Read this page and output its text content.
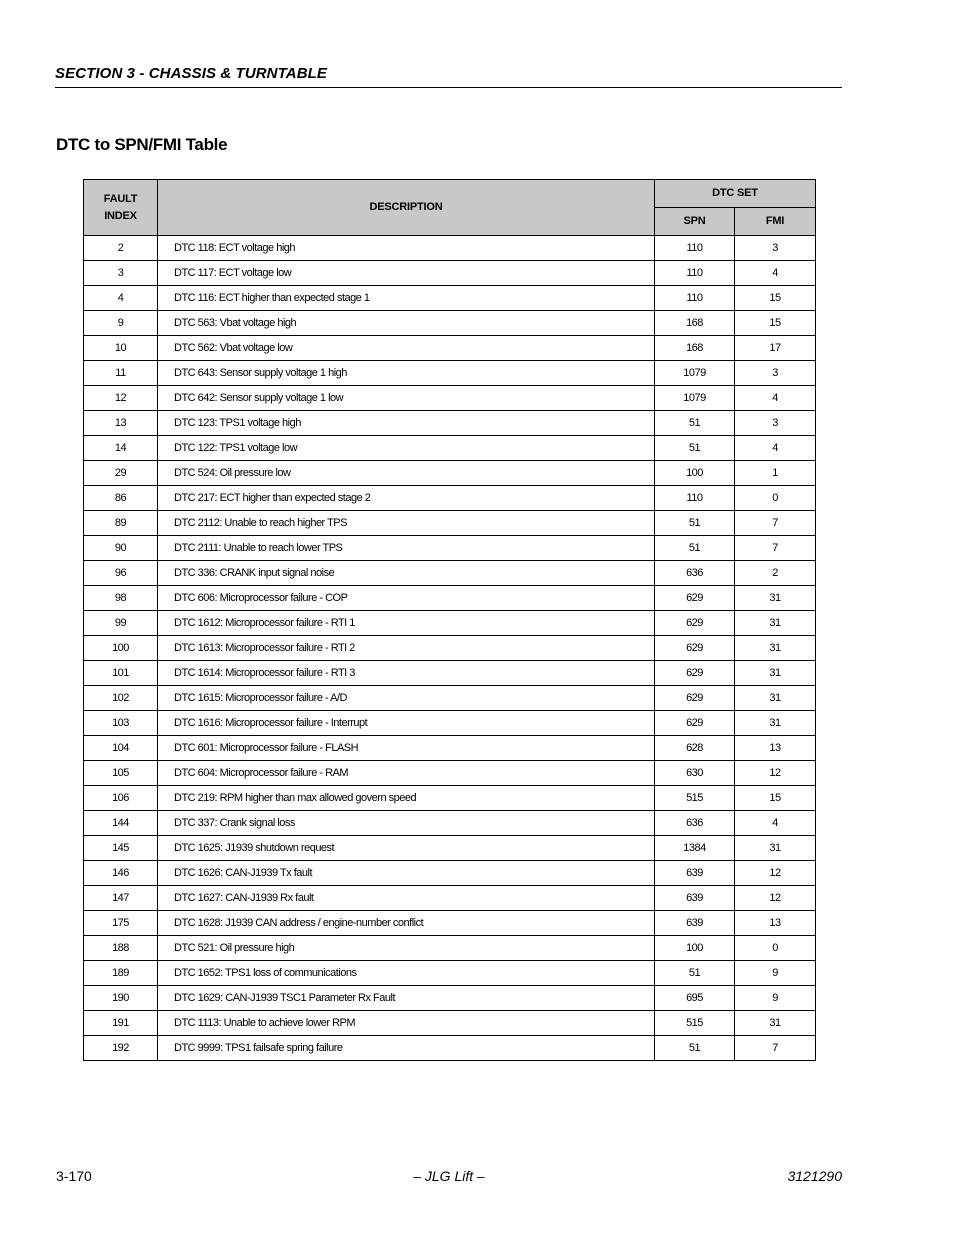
SECTION 3 - CHASSIS & TURNTABLE
DTC to SPN/FMI Table
FAULT
INDEX	DESCRIPTION	DTC SET	
		SPN	FMI
2	DTC 118: ECT voltage high	110	3
3	DTC 117: ECT voltage low	110	4
4	DTC 116: ECT higher than expected stage 1	110	15
9	DTC 563: Vbat voltage high	168	15
10	DTC 562: Vbat voltage low	168	17
11	DTC 643: Sensor supply voltage 1 high	1079	3
12	DTC 642: Sensor supply voltage 1 low	1079	4
13	DTC 123: TPS1 voltage high	51	3
14	DTC 122: TPS1 voltage low	51	4
29	DTC 524: Oil pressure low	100	1
86	DTC 217: ECT higher than expected stage 2	110	0
89	DTC 2112: Unable to reach higher TPS	51	7
90	DTC 2111: Unable to reach lower TPS	51	7
96	DTC 336: CRANK input signal noise	636	2
98	DTC 606: Microprocessor failure - COP	629	31
99	DTC 1612: Microprocessor failure - RTI 1	629	31
100	DTC 1613: Microprocessor failure - RTI 2	629	31
101	DTC 1614: Microprocessor failure - RTI 3	629	31
102	DTC 1615: Microprocessor failure - A/D	629	31
103	DTC 1616: Microprocessor failure - Interrupt	629	31
104	DTC 601: Microprocessor failure - FLASH	628	13
105	DTC 604: Microprocessor failure - RAM	630	12
106	DTC 219: RPM higher than max allowed govern speed	515	15
144	DTC 337: Crank signal loss	636	4
145	DTC 1625: J1939 shutdown request	1384	31
146	DTC 1626: CAN-J1939 Tx fault	639	12
147	DTC 1627: CAN-J1939 Rx fault	639	12
175	DTC 1628: J1939 CAN address / engine-number conflict	639	13
188	DTC 521: Oil pressure high	100	0
189	DTC 1652: TPS1 loss of communications	51	9
190	DTC 1629: CAN-J1939 TSC1 Parameter Rx Fault	695	9
191	DTC 1113: Unable to achieve lower RPM	515	31
192	DTC 9999: TPS1 failsafe spring failure	51	7
3-170	– JLG Lift –	3121290
